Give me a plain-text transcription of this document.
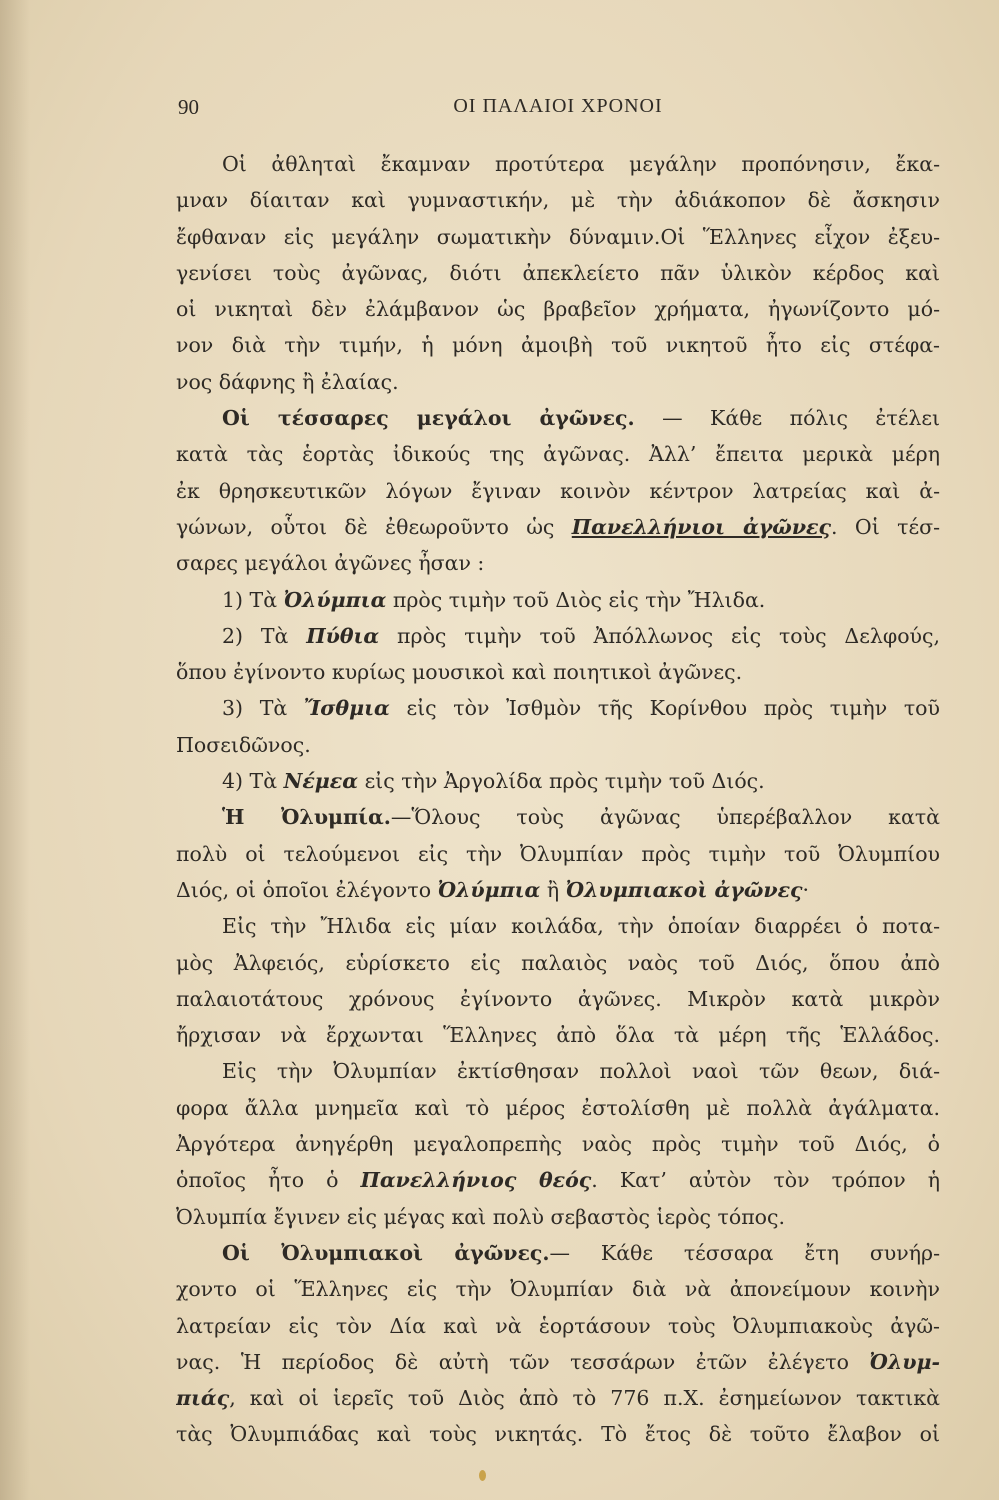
90	ΟΙ ΠΑΛΑΙΟΙ ΧΡΟΝΟΙ
Οἱ ἀθληταὶ ἔκαμναν προτύτερα μεγάλην προπόνησιν, ἔκα-
μναν δίαιταν καὶ γυμναστικήν, μὲ τὴν ἀδιάκοπον δὲ ἄσκησιν
ἔφθαναν εἰς μεγάλην σωματικὴν δύναμιν.Οἱ Ἕλληνες εἶχον ἐξευ-
γενίσει τοὺς ἀγῶνας, διότι ἀπεκλείετο πᾶν ὑλικὸν κέρδος καὶ
οἱ νικηταὶ δὲν ἐλάμβανον ὡς βραβεῖον χρήματα, ἠγωνίζοντο μό-
νον διὰ τὴν τιμήν, ἡ μόνη ἀμοιβὴ τοῦ νικητοῦ ἦτο εἰς στέφα-
νος δάφνης ἢ ἐλαίας.
Οἱ τέσσαρες μεγάλοι ἀγῶνες. — Κάθε πόλις ἐτέλει
κατὰ τὰς ἑορτὰς ἰδικούς της ἀγῶνας. Ἀλλ’ ἔπειτα μερικὰ μέρη
ἐκ θρησκευτικῶν λόγων ἔγιναν κοινὸν κέντρον λατρείας καὶ ἀ-
γώνων, οὗτοι δὲ ἐθεωροῦντο ὡς Πανελλήνιοι ἀγῶνες. Οἱ τέσ-
σαρες μεγάλοι ἀγῶνες ἦσαν :
1) Τὰ Ὀλύμπια πρὸς τιμὴν τοῦ Διὸς εἰς τὴν Ἤλιδα.
2) Τὰ Πύθια πρὸς τιμὴν τοῦ Ἀπόλλωνος εἰς τοὺς Δελφούς,
ὅπου ἐγίνοντο κυρίως μουσικοὶ καὶ ποιητικοὶ ἀγῶνες.
3) Τὰ Ἴσθμια εἰς τὸν Ἰσθμὸν τῆς Κορίνθου πρὸς τιμὴν τοῦ
Ποσειδῶνος.
4) Τὰ Νέμεα εἰς τὴν Ἀργολίδα πρὸς τιμὴν τοῦ Διός.
Ἡ Ὀλυμπία.—Ὅλους τοὺς ἀγῶνας ὑπερέβαλλον κατὰ
πολὺ οἱ τελούμενοι εἰς τὴν Ὀλυμπίαν πρὸς τιμὴν τοῦ Ὀλυμπίου
Διός, οἱ ὁποῖοι ἐλέγοντο Ὀλύμπια ἢ Ὀλυμπιακοὶ ἀγῶνες·
Εἰς τὴν Ἤλιδα εἰς μίαν κοιλάδα, τὴν ὁποίαν διαρρέει ὁ ποτα-
μὸς Ἀλφειός, εὑρίσκετο εἰς παλαιὸς ναὸς τοῦ Διός, ὅπου ἀπὸ
παλαιοτάτους χρόνους ἐγίνοντο ἀγῶνες. Μικρὸν κατὰ μικρὸν
ἤρχισαν νὰ ἔρχωνται Ἕλληνες ἀπὸ ὅλα τὰ μέρη τῆς Ἑλλάδος.
Εἰς τὴν Ὀλυμπίαν ἐκτίσθησαν πολλοὶ ναοὶ τῶν θεων, διά-
φορα ἄλλα μνημεῖα καὶ τὸ μέρος ἐστολίσθη μὲ πολλὰ ἀγάλματα.
Ἀργότερα ἀνηγέρθη μεγαλοπρεπὴς ναὸς πρὸς τιμὴν τοῦ Διός, ὁ
ὁποῖος ἦτο ὁ Πανελλήνιος θεός. Κατ’ αὐτὸν τὸν τρόπον ἡ
Ὀλυμπία ἔγινεν εἰς μέγας καὶ πολὺ σεβαστὸς ἱερὸς τόπος.
Οἱ Ὀλυμπιακοὶ ἀγῶνες.— Κάθε τέσσαρα ἔτη συνήρ-
χοντο οἱ Ἕλληνες εἰς τὴν Ὀλυμπίαν διὰ νὰ ἀπονείμουν κοινὴν
λατρείαν εἰς τὸν Δία καὶ νὰ ἑορτάσουν τοὺς Ὀλυμπιακοὺς ἀγῶ-
νας. Ἡ περίοδος δὲ αὐτὴ τῶν τεσσάρων ἐτῶν ἐλέγετο Ὀλυμ-
πιάς, καὶ οἱ ἱερεῖς τοῦ Διὸς ἀπὸ τὸ 776 π.Χ. ἐσημείωνον τακτικὰ
τὰς Ὀλυμπιάδας καὶ τοὺς νικητάς. Τὸ ἔτος δὲ τοῦτο ἔλαβον οἱ
